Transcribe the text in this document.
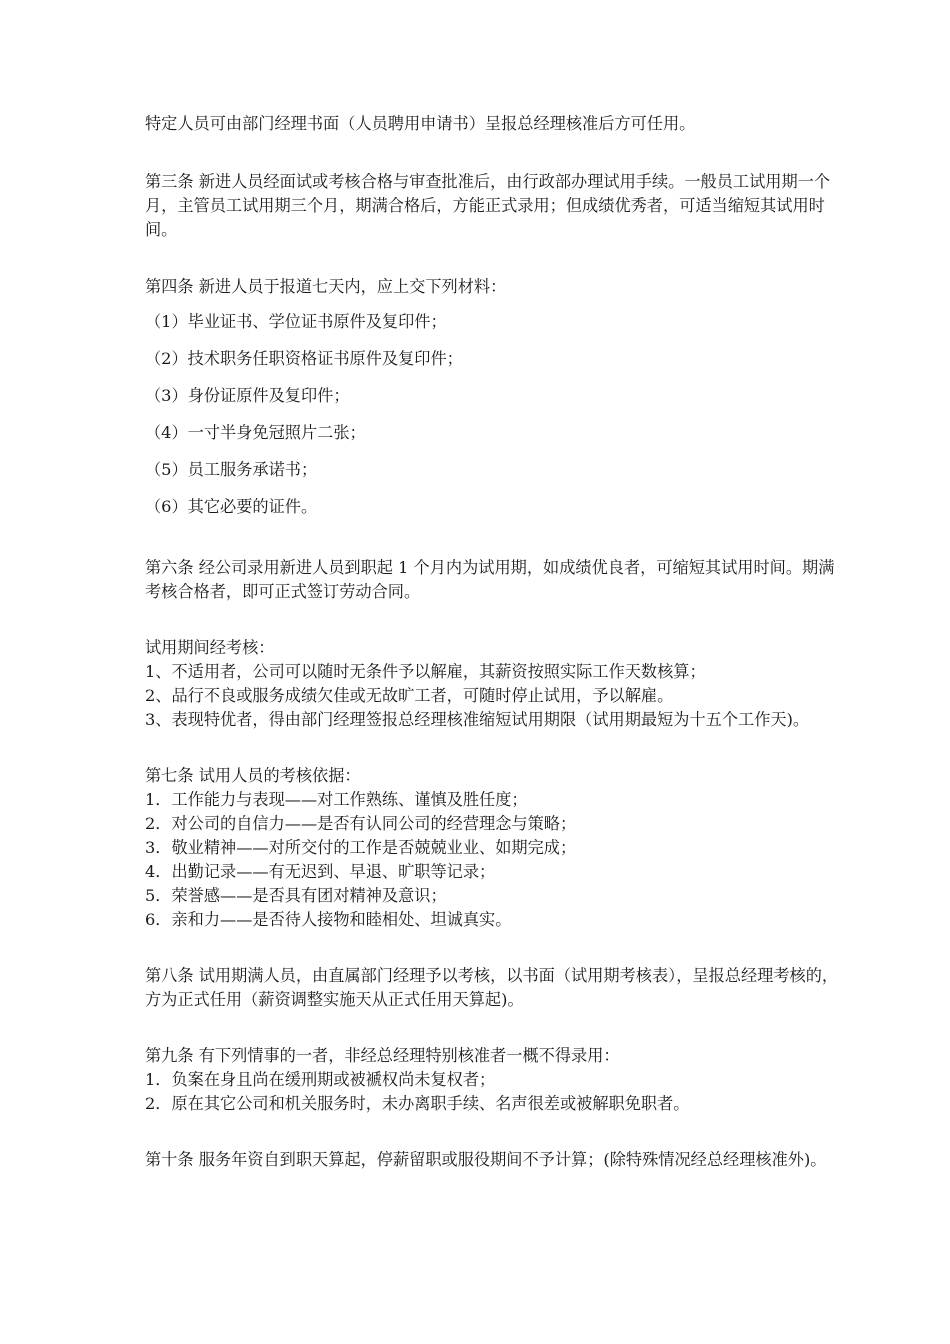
特定人员可由部门经理书面（人员聘用申请书）呈报总经理核准后方可任用。

第三条 新进人员经面试或考核合格与审查批准后，由行政部办理试用手续。一般员工试用期一个月，主管员工试用期三个月，期满合格后，方能正式录用；但成绩优秀者，可适当缩短其试用时间。

第四条 新进人员于报道七天内，应上交下列材料：

（1）毕业证书、学位证书原件及复印件；

（2）技术职务任职资格证书原件及复印件；

（3）身份证原件及复印件；

（4）一寸半身免冠照片二张；

（5）员工服务承诺书；

（6）其它必要的证件。

第六条 经公司录用新进人员到职起 1 个月内为试用期，如成绩优良者，可缩短其试用时间。期满考核合格者，即可正式签订劳动合同。

试用期间经考核：

1、不适用者，公司可以随时无条件予以解雇，其薪资按照实际工作天数核算；

2、品行不良或服务成绩欠佳或无故旷工者，可随时停止试用，予以解雇。

3、表现特优者，得由部门经理签报总经理核准缩短试用期限（试用期最短为十五个工作天)。

第七条 试用人员的考核依据：

1．工作能力与表现——对工作熟练、谨慎及胜任度；

2．对公司的自信力——是否有认同公司的经营理念与策略；

3．敬业精神——对所交付的工作是否兢兢业业、如期完成；

4．出勤记录——有无迟到、早退、旷职等记录；

5．荣誉感——是否具有团对精神及意识；

6．亲和力——是否待人接物和睦相处、坦诚真实。

第八条 试用期满人员，由直属部门经理予以考核，以书面（试用期考核表），呈报总经理考核的，方为正式任用（薪资调整实施天从正式任用天算起)。

第九条 有下列情事的一者，非经总经理特别核准者一概不得录用：

1．负案在身且尚在缓刑期或被褫权尚未复权者；

2．原在其它公司和机关服务时，未办离职手续、名声很差或被解职免职者。

第十条 服务年资自到职天算起，停薪留职或服役期间不予计算；(除特殊情况经总经理核准外)。
